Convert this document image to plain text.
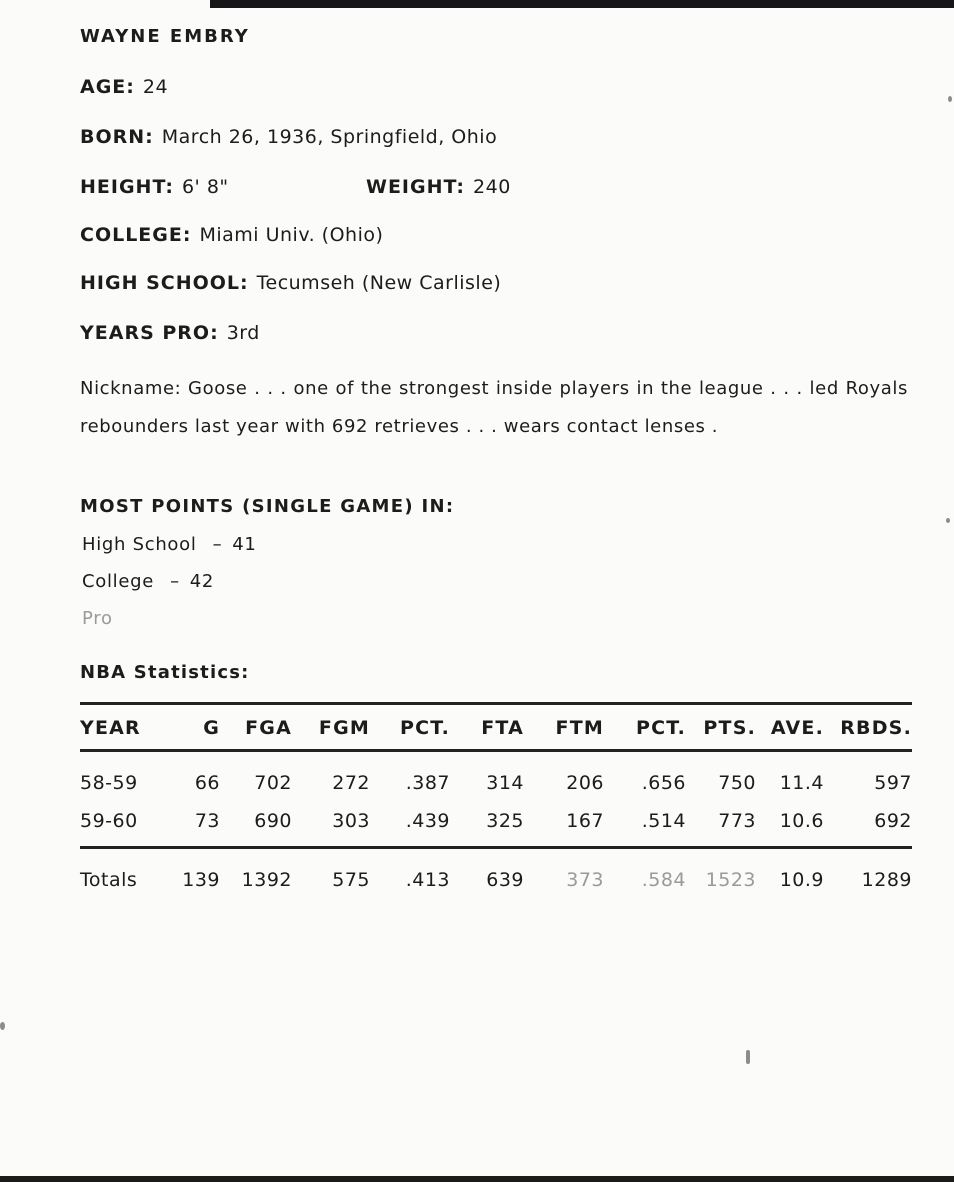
WAYNE EMBRY
AGE: 24
BORN: March 26, 1936, Springfield, Ohio
HEIGHT: 6' 8"	WEIGHT: 240
COLLEGE: Miami Univ. (Ohio)
HIGH SCHOOL: Tecumseh (New Carlisle)
YEARS PRO: 3rd
Nickname: Goose . . . one of the strongest inside players in the league . . . led Royals rebounders last year with 692 retrieves . . . wears contact lenses .
MOST POINTS (SINGLE GAME) IN:
High School – 41
College – 42
Pro
NBA Statistics:
YEAR	G	FGA	FGM	PCT.	FTA	FTM	PCT.	PTS.	AVE.	RBDS.
58-59	66	702	272	.387	314	206	.656	750	11.4	597
59-60	73	690	303	.439	325	167	.514	773	10.6	692
Totals	139	1392	575	.413	639	373	.584	1523	10.9	1289
